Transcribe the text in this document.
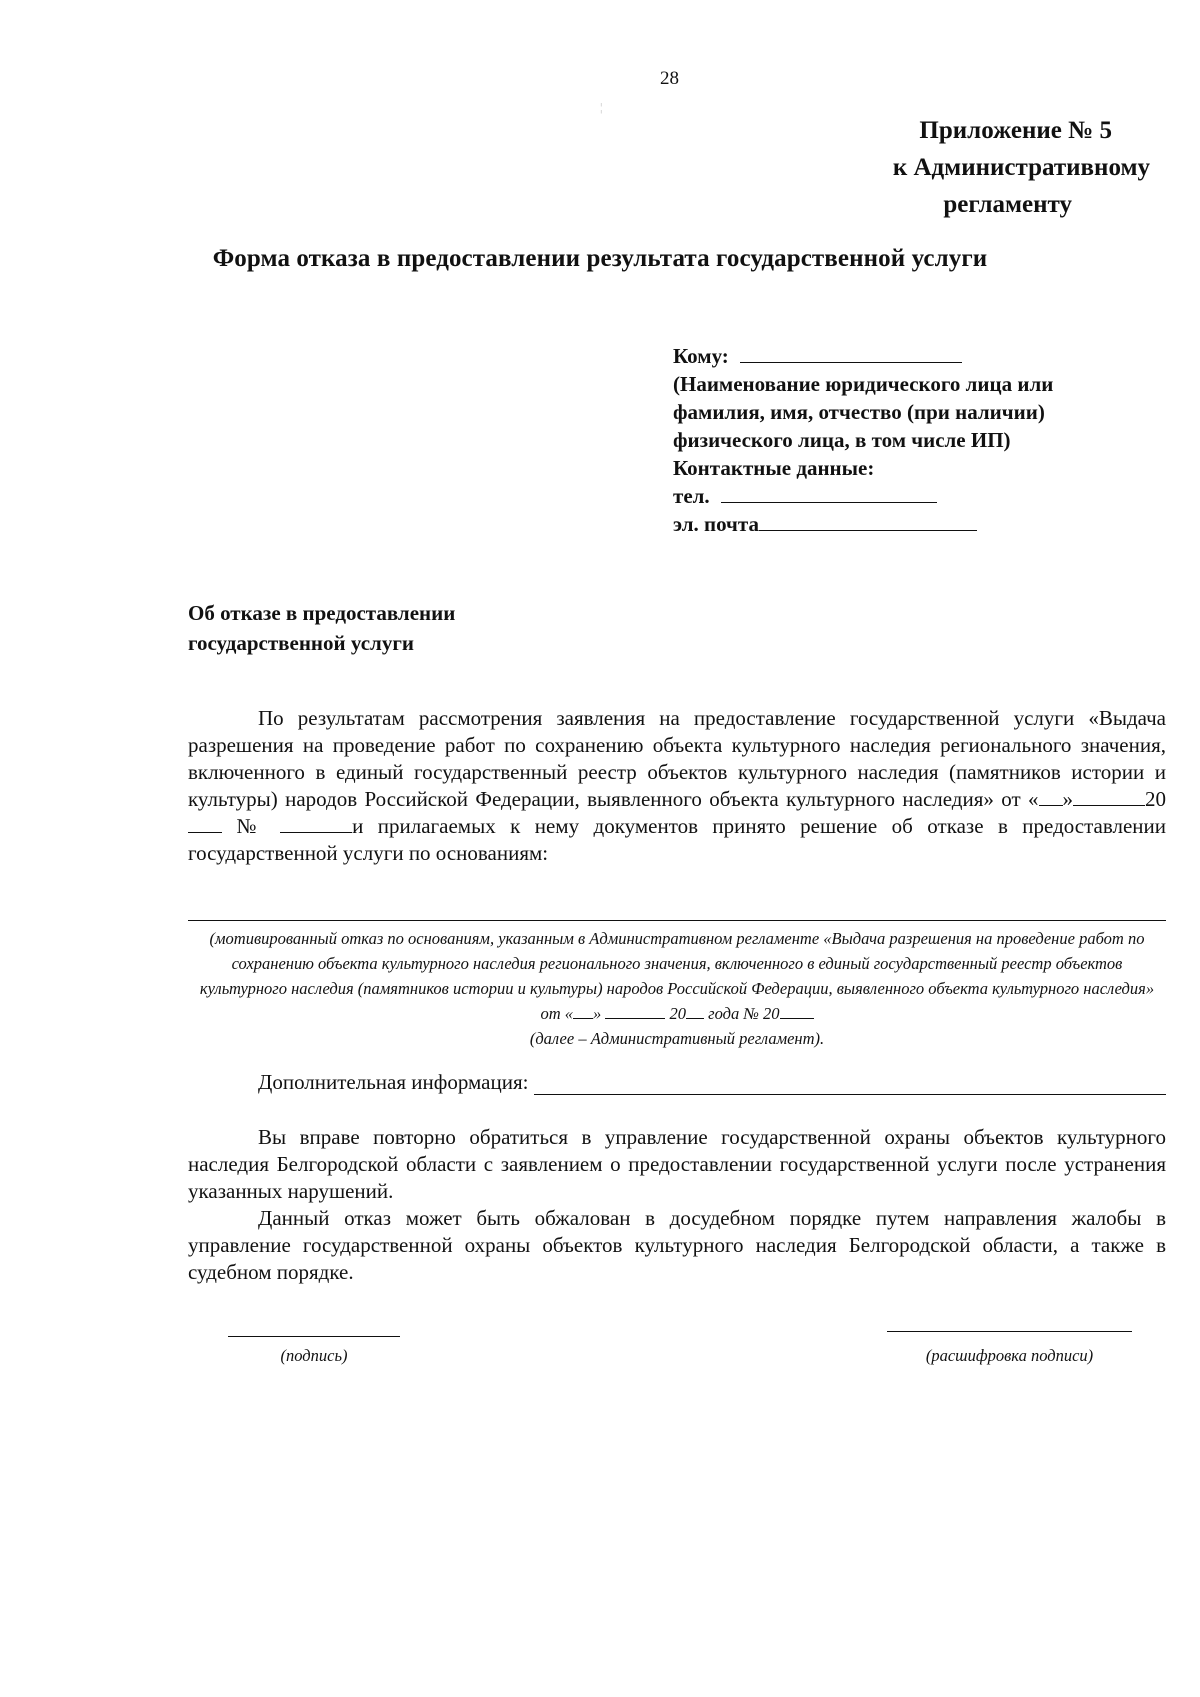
28
¦
Приложение № 5
к Административному
регламенту
Форма отказа в предоставлении результата государственной услуги
Кому:
(Наименование юридического лица или
фамилия, имя, отчество (при наличии)
физического лица, в том числе ИП)
Контактные данные:
тел.
эл. почта
Об отказе в предоставлении
государственной услуги
По результатам рассмотрения заявления на предоставление государственной услуги «Выдача разрешения на проведение работ по сохранению объекта культурного наследия регионального значения, включенного в единый государственный реестр объектов культурного наследия (памятников истории и культуры) народов Российской Федерации, выявленного объекта культурного наследия» от « »	20 №	и прилагаемых к нему документов принято решение об отказе в предоставлении государственной услуги по основаниям:
(мотивированный отказ по основаниям, указанным в Административном регламенте «Выдача разрешения на проведение работ по сохранению объекта культурного наследия регионального значения, включенного в единый государственный реестр объектов культурного наследия (памятников истории и культуры) народов Российской Федерации, выявленного объекта культурного наследия» от « »	20 года № 20
(далее – Административный регламент).
Дополнительная информация:
Вы вправе повторно обратиться в управление государственной охраны объектов культурного наследия Белгородской области с заявлением о предоставлении государственной услуги после устранения указанных нарушений.
Данный отказ может быть обжалован в досудебном порядке путем направления жалобы в управление государственной охраны объектов культурного наследия Белгородской области, а также в судебном порядке.
(подпись)	(расшифровка подписи)
